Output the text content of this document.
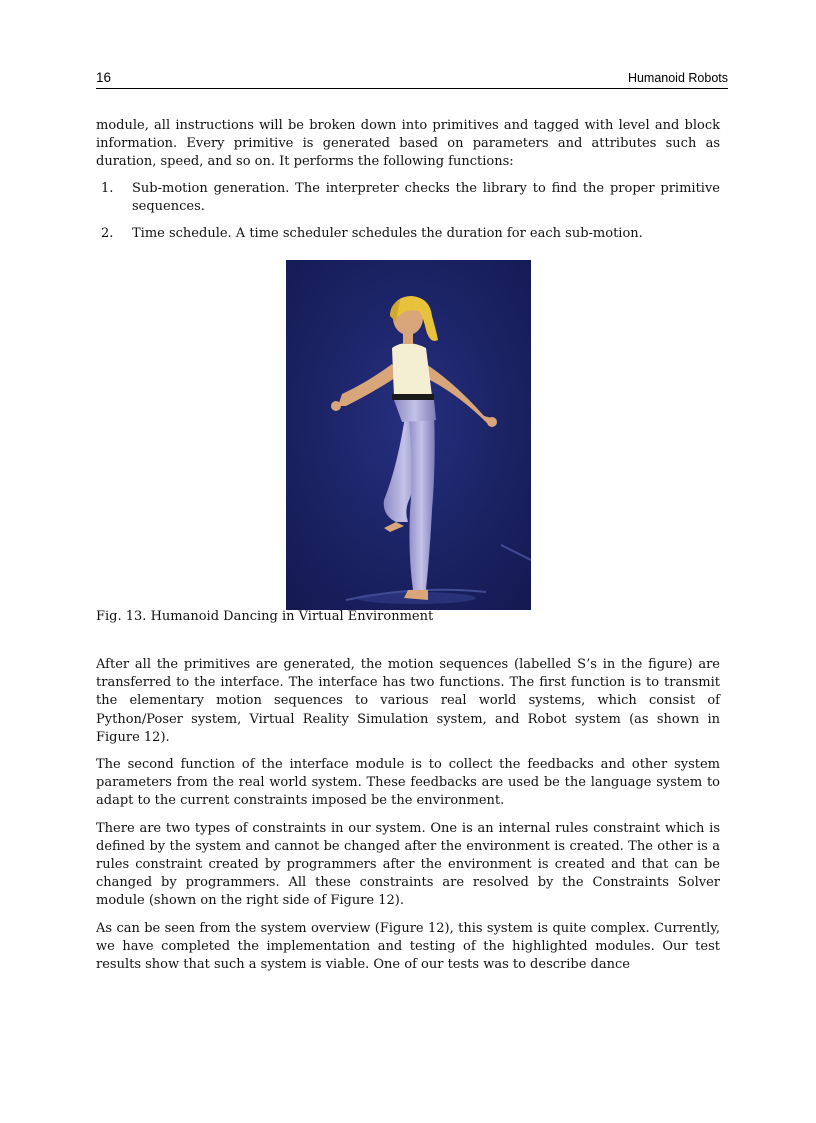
16	Humanoid Robots

module, all instructions will be broken down into primitives and tagged with level and block information. Every primitive is generated based on parameters and attributes such as duration, speed, and so on. It performs the following functions:

1. Sub-motion generation. The interpreter checks the library to find the proper primitive sequences.
2. Time schedule. A time scheduler schedules the duration for each sub-motion.
Fig. 13. Humanoid Dancing in Virtual Environment

After all the primitives are generated, the motion sequences (labelled S’s in the figure) are transferred to the interface. The interface has two functions. The first function is to transmit the elementary motion sequences to various real world systems, which consist of Python/Poser system, Virtual Reality Simulation system, and Robot system (as shown in Figure 12).

The second function of the interface module is to collect the feedbacks and other system parameters from the real world system. These feedbacks are used be the language system to adapt to the current constraints imposed be the environment.

There are two types of constraints in our system. One is an internal rules constraint which is defined by the system and cannot be changed after the environment is created. The other is a rules constraint created by programmers after the environment is created and that can be changed by programmers. All these constraints are resolved by the Constraints Solver module (shown on the right side of Figure 12).

As can be seen from the system overview (Figure 12), this system is quite complex. Currently, we have completed the implementation and testing of the highlighted modules. Our test results show that such a system is viable. One of our tests was to describe dance
